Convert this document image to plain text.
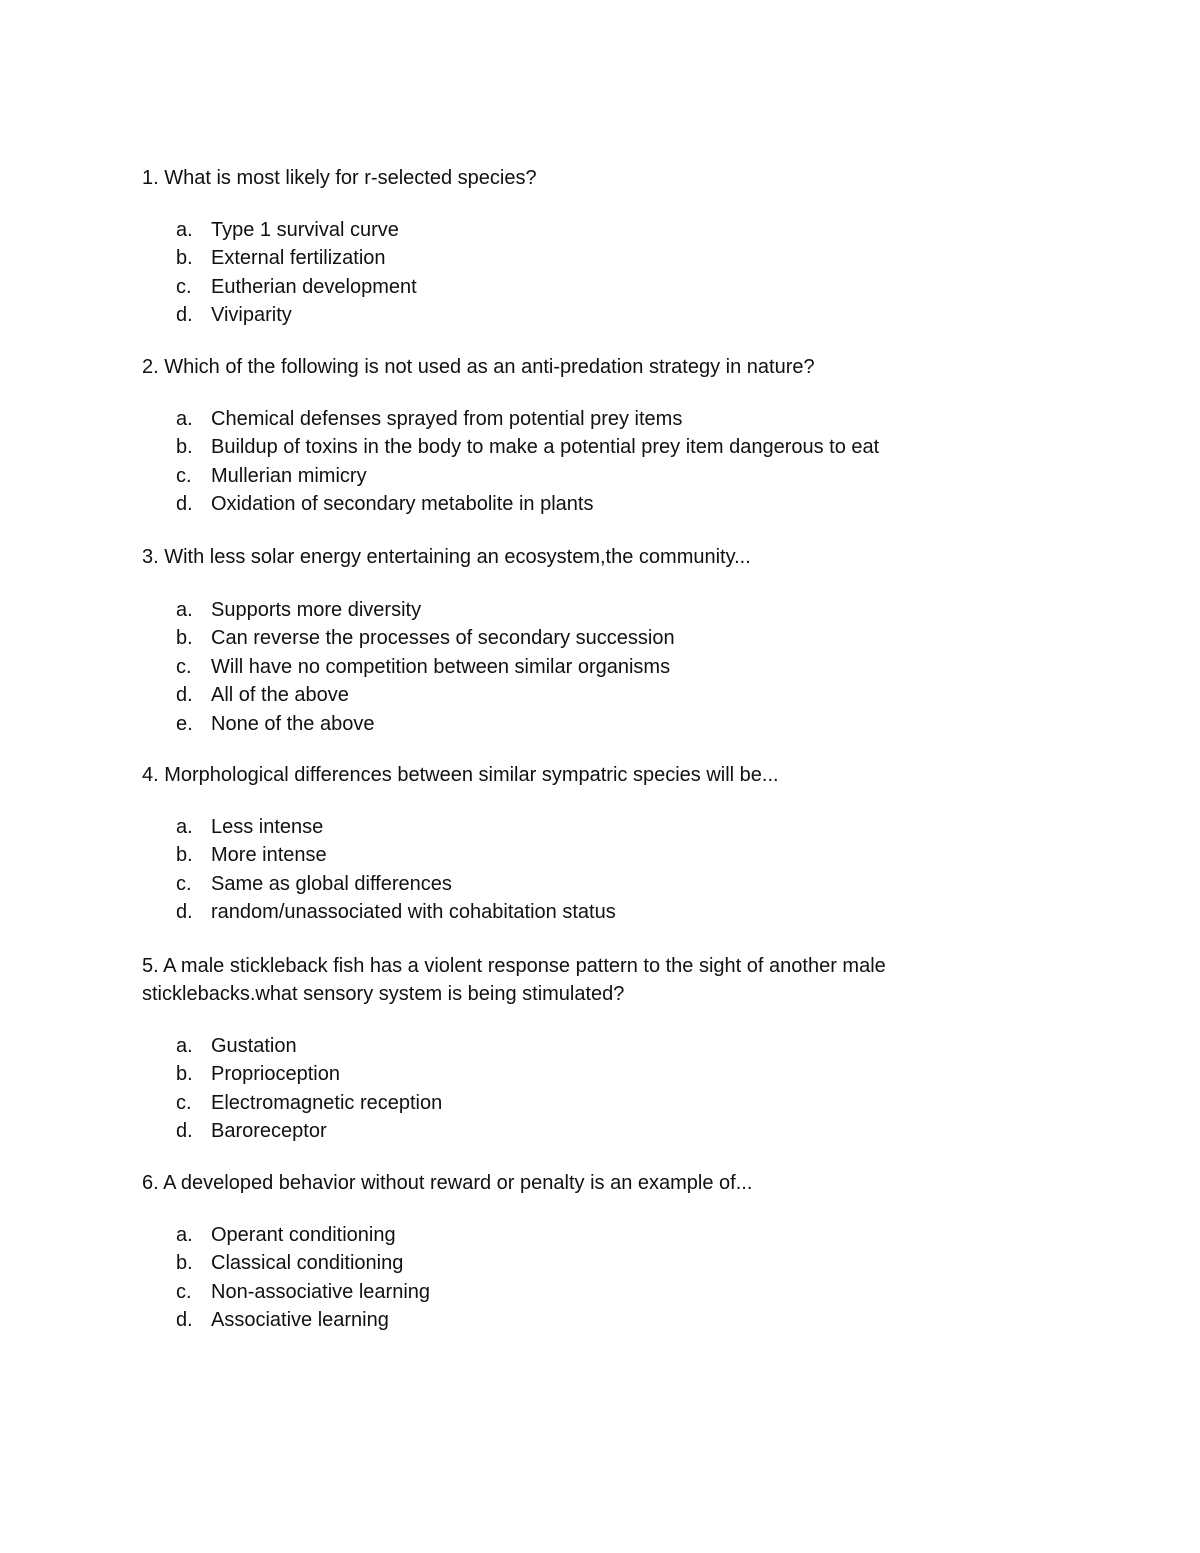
1. What is most likely for r-selected species?

a. Type 1 survival curve
b. External fertilization
c. Eutherian development
d. Viviparity

2. Which of the following is not used as an anti-predation strategy in nature?

a. Chemical defenses sprayed from potential prey items
b. Buildup of toxins in the body to make a potential prey item dangerous to eat
c. Mullerian mimicry
d. Oxidation of secondary metabolite in plants

3. With less solar energy entertaining an ecosystem,the community...

a. Supports more diversity
b. Can reverse the processes of secondary succession
c. Will have no competition between similar organisms
d. All of the above
e. None of the above

4. Morphological differences between similar sympatric species will be...

a. Less intense
b. More intense
c. Same as global differences
d. random/unassociated with cohabitation status

5. A male stickleback fish has a violent response pattern to the sight of another male sticklebacks.what sensory system is being stimulated?

a. Gustation
b. Proprioception
c. Electromagnetic reception
d. Baroreceptor

6. A developed behavior without reward or penalty is an example of...

a. Operant conditioning
b. Classical conditioning
c. Non-associative learning
d. Associative learning
